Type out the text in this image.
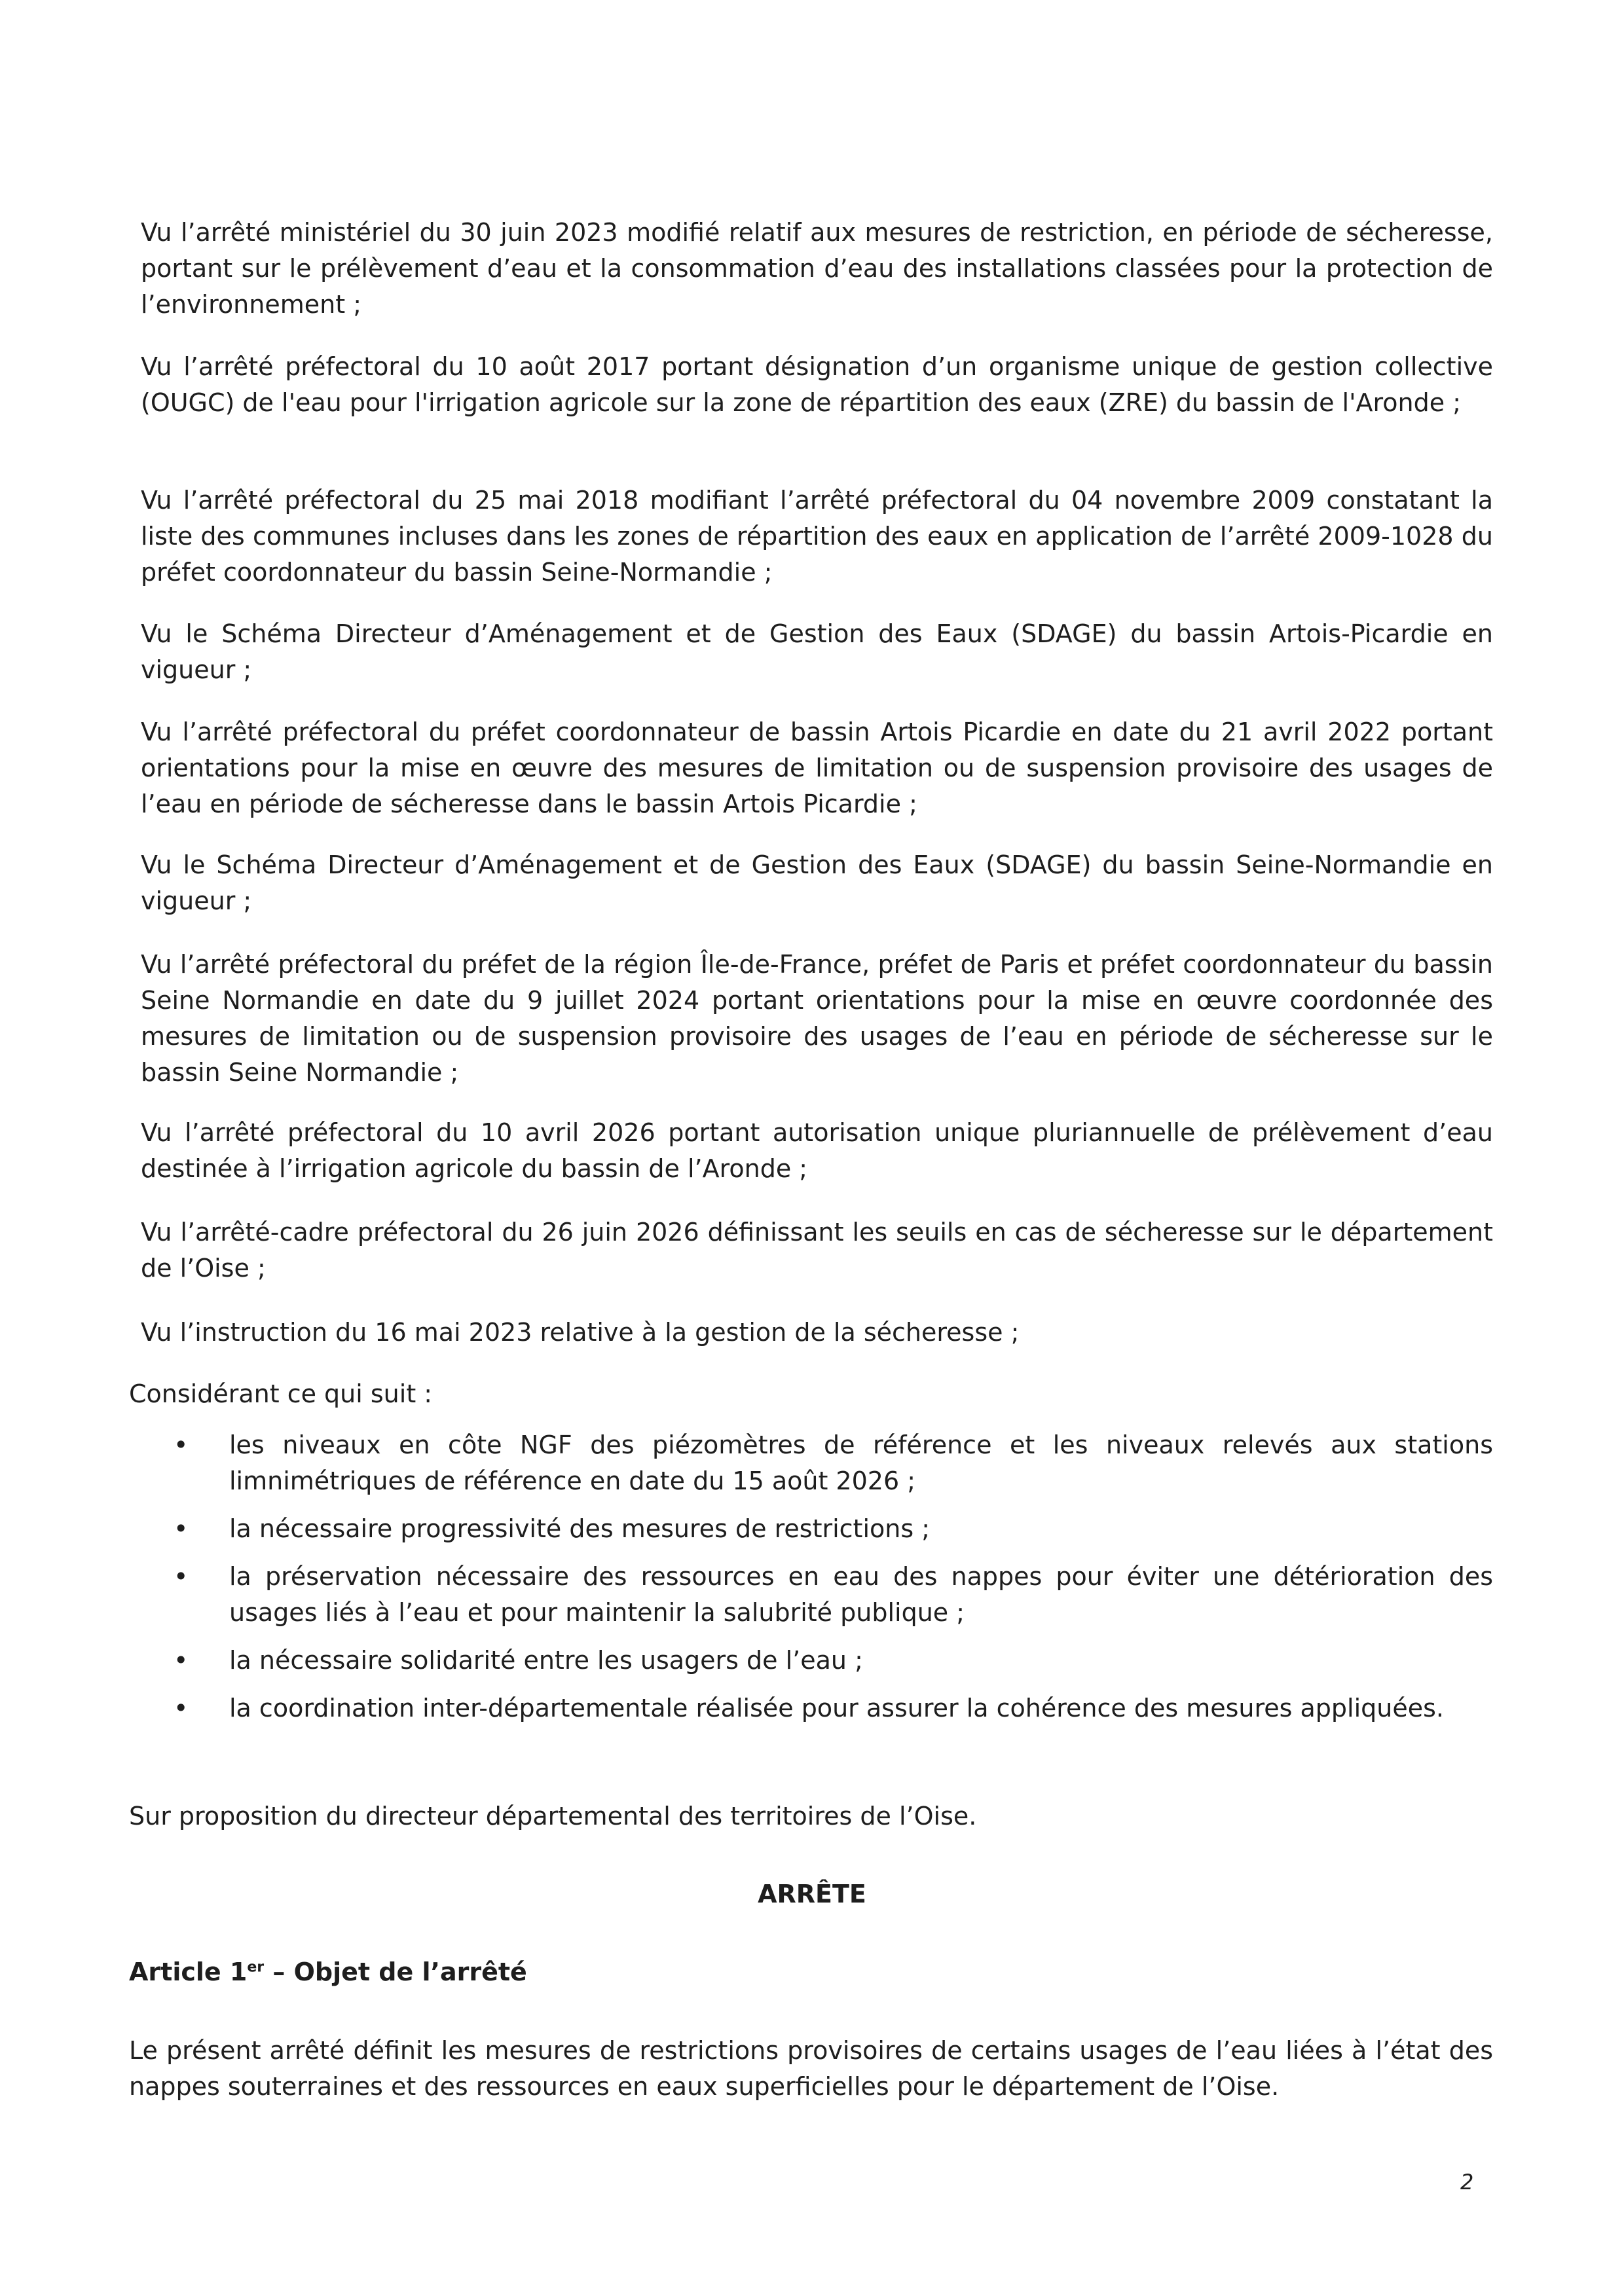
Vu l’arrêté ministériel du 30 juin 2023 modifié relatif aux mesures de restriction, en période de sécheresse, portant sur le prélèvement d’eau et la consommation d’eau des installations classées pour la protection de l’environnement ;

Vu l’arrêté préfectoral du 10 août 2017 portant désignation d’un organisme unique de gestion collective (OUGC) de l'eau pour l'irrigation agricole sur la zone de répartition des eaux (ZRE) du bassin de l'Aronde ;

Vu l’arrêté préfectoral du 25 mai 2018 modifiant l’arrêté préfectoral du 04 novembre 2009 constatant la liste des communes incluses dans les zones de répartition des eaux en application de l’arrêté 2009-1028 du préfet coordonnateur du bassin Seine-Normandie ;

Vu le Schéma Directeur d’Aménagement et de Gestion des Eaux (SDAGE) du bassin Artois-Picardie en vigueur ;

Vu l’arrêté préfectoral du préfet coordonnateur de bassin Artois Picardie en date du 21 avril 2022 portant orientations pour la mise en œuvre des mesures de limitation ou de suspension provisoire des usages de l’eau en période de sécheresse dans le bassin Artois Picardie ;

Vu le Schéma Directeur d’Aménagement et de Gestion des Eaux (SDAGE) du bassin Seine-Normandie en vigueur ;

Vu l’arrêté préfectoral du préfet de la région Île-de-France, préfet de Paris et préfet coordonnateur du bassin Seine Normandie en date du 9 juillet 2024 portant orientations pour la mise en œuvre coordonnée des mesures de limitation ou de suspension provisoire des usages de l’eau en période de sécheresse sur le bassin Seine Normandie ;

Vu l’arrêté préfectoral du 10 avril 2026 portant autorisation unique pluriannuelle de prélèvement d’eau destinée à l’irrigation agricole du bassin de l’Aronde ;

Vu l’arrêté-cadre préfectoral du 26 juin 2026 définissant les seuils en cas de sécheresse sur le département de l’Oise ;

Vu l’instruction du 16 mai 2023 relative à la gestion de la sécheresse ;

Considérant ce qui suit :

• les niveaux en côte NGF des piézomètres de référence et les niveaux relevés aux stations limnimétriques de référence en date du 15 août 2026 ;
• la nécessaire progressivité des mesures de restrictions ;
• la préservation nécessaire des ressources en eau des nappes pour éviter une détérioration des usages liés à l’eau et pour maintenir la salubrité publique ;
• la nécessaire solidarité entre les usagers de l’eau ;
• la coordination inter-départementale réalisée pour assurer la cohérence des mesures appliquées.

Sur proposition du directeur départemental des territoires de l’Oise.

ARRÊTE

Article 1er – Objet de l’arrêté

Le présent arrêté définit les mesures de restrictions provisoires de certains usages de l’eau liées à l’état des nappes souterraines et des ressources en eaux superficielles pour le département de l’Oise.

2
